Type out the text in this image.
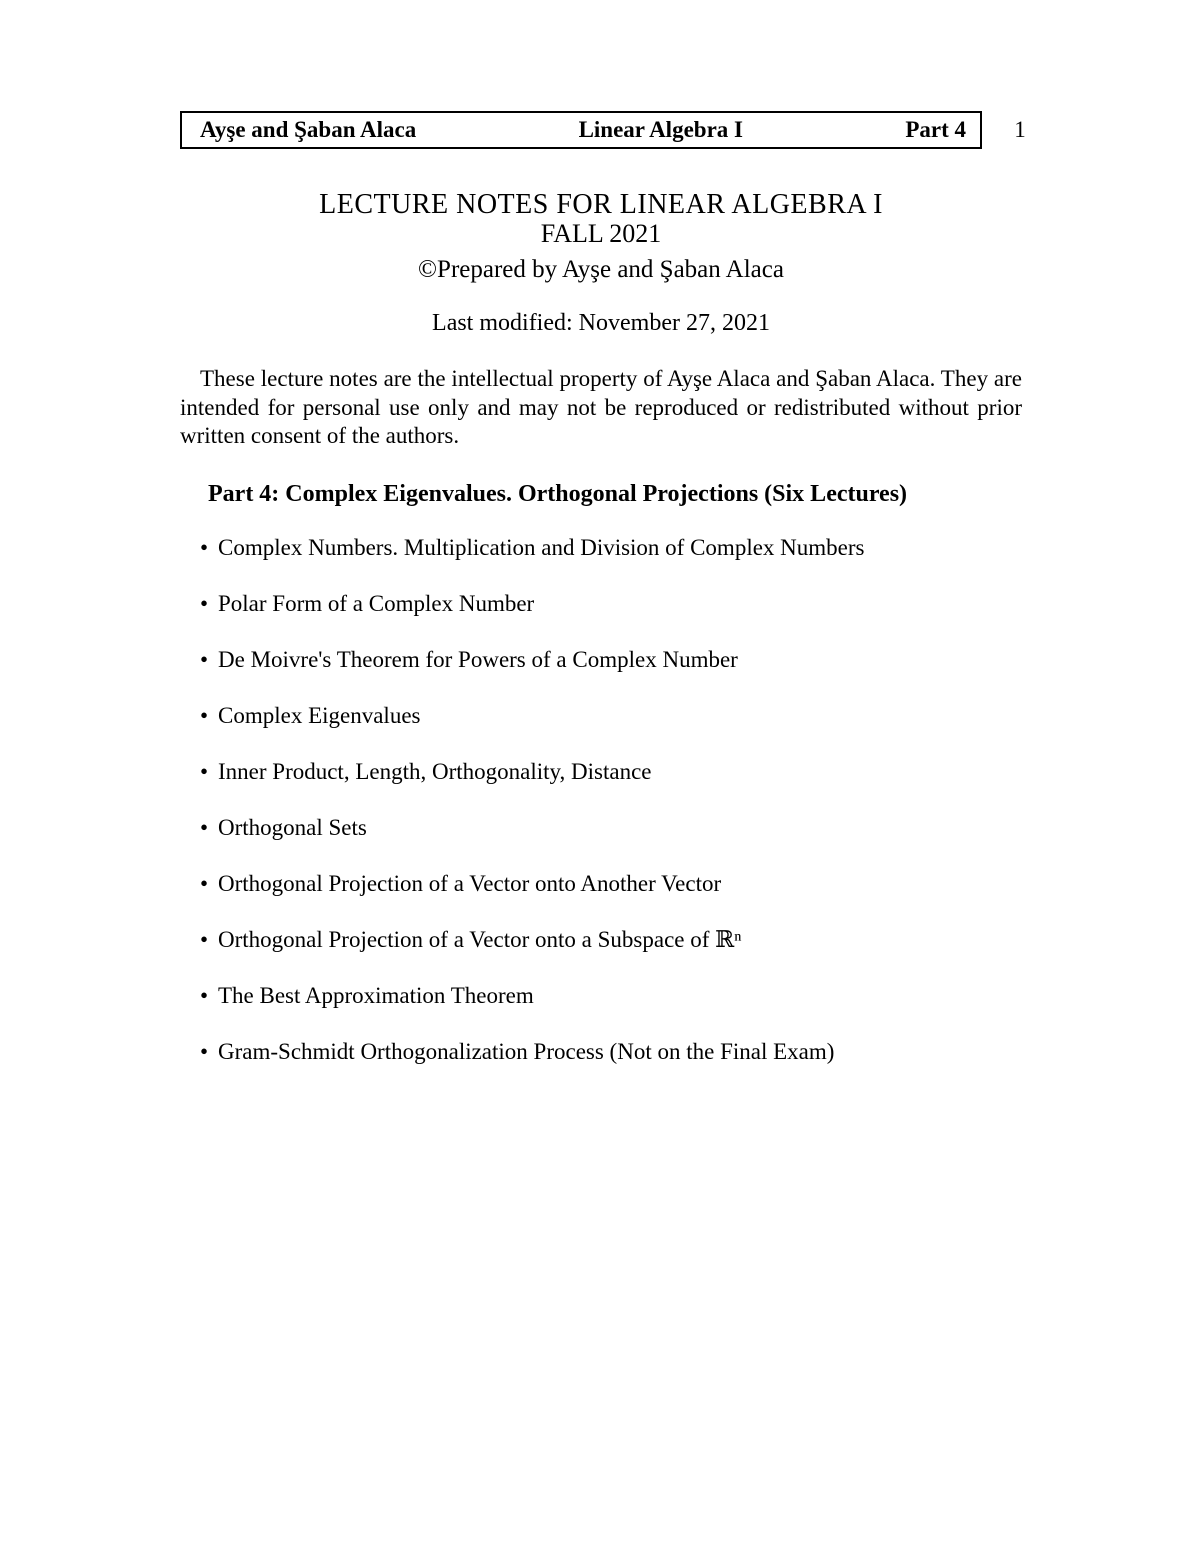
Ayşe and Şaban Alaca	Linear Algebra I	Part 4	1
LECTURE NOTES FOR LINEAR ALGEBRA I
FALL 2021
©Prepared by Ayşe and Şaban Alaca
Last modified: November 27, 2021

These lecture notes are the intellectual property of Ayşe Alaca and Şaban Alaca. They are intended for personal use only and may not be reproduced or redistributed without prior written consent of the authors.

Part 4: Complex Eigenvalues. Orthogonal Projections (Six Lectures)
• Complex Numbers. Multiplication and Division of Complex Numbers
• Polar Form of a Complex Number
• De Moivre's Theorem for Powers of a Complex Number
• Complex Eigenvalues
• Inner Product, Length, Orthogonality, Distance
• Orthogonal Sets
• Orthogonal Projection of a Vector onto Another Vector
• Orthogonal Projection of a Vector onto a Subspace of ℝⁿ
• The Best Approximation Theorem
• Gram-Schmidt Orthogonalization Process (Not on the Final Exam)
